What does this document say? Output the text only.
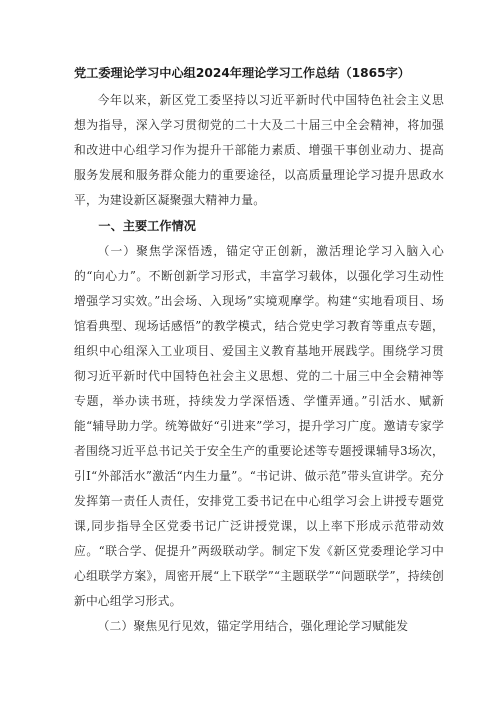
党工委理论学习中心组2024年理论学习工作总结（1865字）

今年以来，新区党工委坚持以习近平新时代中国特色社会主义思想为指导，深入学习贯彻党的二十大及二十届三中全会精神，将加强和改进中心组学习作为提升干部能力素质、增强干事创业动力、提高服务发展和服务群众能力的重要途径，以高质量理论学习提升思政水平，为建设新区凝聚强大精神力量。

一、主要工作情况

（一）聚焦学深悟透，锚定守正创新，激活理论学习入脑入心的“向心力”。不断创新学习形式，丰富学习载体，以强化学习生动性增强学习实效。”出会场、入现场”实境观摩学。构建“实地看项目、场馆看典型、现场话感悟”的教学模式，结合党史学习教育等重点专题，组织中心组深入工业项目、爱国主义教育基地开展践学。围绕学习贯彻习近平新时代中国特色社会主义思想、党的二十届三中全会精神等专题，举办读书班，持续发力学深悟透、学懂弄通。”引活水、赋新能“辅导助力学。统筹做好“引进来”学习，提升学习广度。邀请专家学者围绕习近平总书记关于安全生产的重要论述等专题授课辅导3场次，引Ⅰ“外部活水”激活“内生力量”。“书记讲、做示范”带头宣讲学。充分发挥第一责任人责任，安排党工委书记在中心组学习会上讲授专题党课,同步指导全区党委书记广泛讲授党课，以上率下形成示范带动效应。“联合学、促提升”两级联动学。制定下发《新区党委理论学习中心组联学方案》，周密开展“上下联学”“主题联学”“问题联学”，持续创新中心组学习形式。

（二）聚焦见行见效，锚定学用结合，强化理论学习赋能发
